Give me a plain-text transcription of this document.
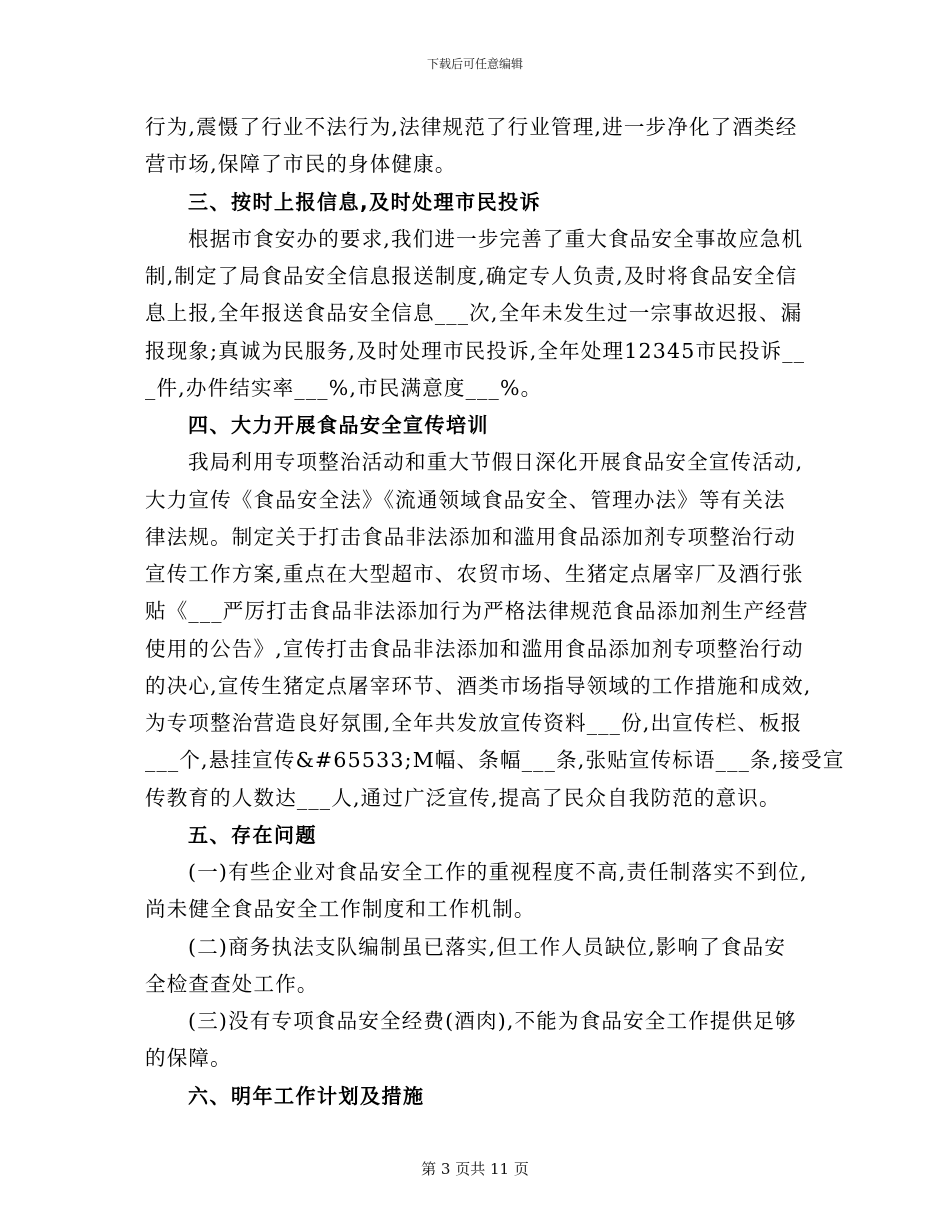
下载后可任意编辑
行为,震慑了行业不法行为,法律规范了行业管理,进一步净化了酒类经
营市场,保障了市民的身体健康。
三、按时上报信息,及时处理市民投诉
根据市食安办的要求,我们进一步完善了重大食品安全事故应急机
制,制定了局食品安全信息报送制度,确定专人负责,及时将食品安全信
息上报,全年报送食品安全信息___次,全年未发生过一宗事故迟报、漏
报现象;真诚为民服务,及时处理市民投诉,全年处理12345市民投诉__
_件,办件结实率___%,市民满意度___%。
四、大力开展食品安全宣传培训
我局利用专项整治活动和重大节假日深化开展食品安全宣传活动,
大力宣传《食品安全法》《流通领域食品安全、管理办法》等有关法
律法规。制定关于打击食品非法添加和滥用食品添加剂专项整治行动
宣传工作方案,重点在大型超市、农贸市场、生猪定点屠宰厂及酒行张
贴《___严厉打击食品非法添加行为严格法律规范食品添加剂生产经营
使用的公告》,宣传打击食品非法添加和滥用食品添加剂专项整治行动
的决心,宣传生猪定点屠宰环节、酒类市场指导领域的工作措施和成效,
为专项整治营造良好氛围,全年共发放宣传资料___份,出宣传栏、板报
___个,悬挂宣传&#65533;M幅、条幅___条,张贴宣传标语___条,接受宣
传教育的人数达___人,通过广泛宣传,提高了民众自我防范的意识。
五、存在问题
(一)有些企业对食品安全工作的重视程度不高,责任制落实不到位,
尚未健全食品安全工作制度和工作机制。
(二)商务执法支队编制虽已落实,但工作人员缺位,影响了食品安
全检查查处工作。
(三)没有专项食品安全经费(酒肉),不能为食品安全工作提供足够
的保障。
六、明年工作计划及措施
第 3 页共 11 页
